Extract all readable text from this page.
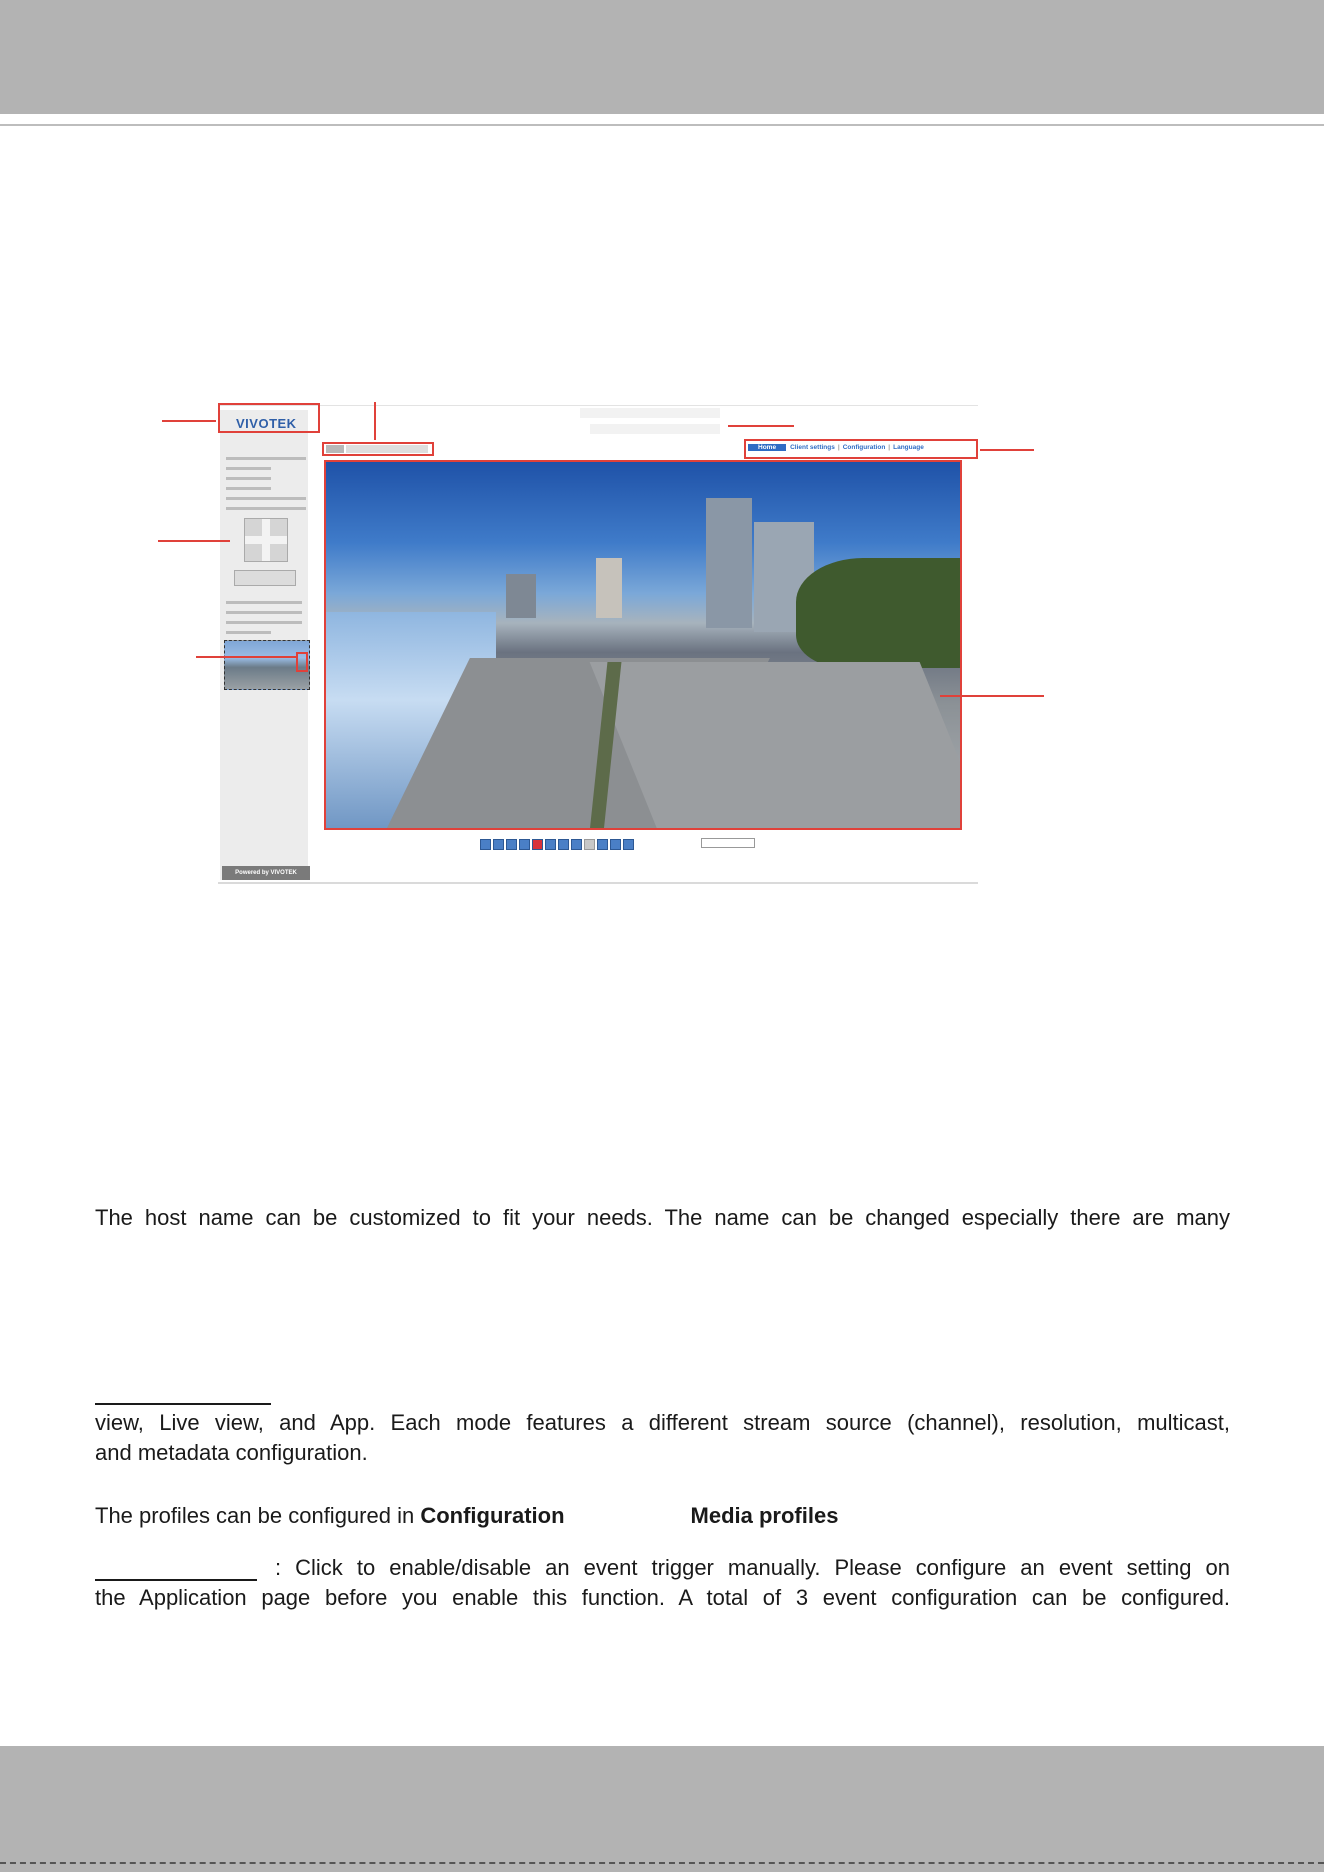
Powered by VIVOTEK
VIVOTEK
Home Client settings | Configuration | Language
The host name can be customized to fit your needs. The name can be changed especially there are many
view, Live view, and App. Each mode features a different stream source (channel), resolution, multicast,
and metadata configuration.
The profiles can be configured in Configuration	Media profiles
: Click to enable/disable an event trigger manually. Please configure an event setting on
the Application page before you enable this function. A total of 3 event configuration can be configured.
